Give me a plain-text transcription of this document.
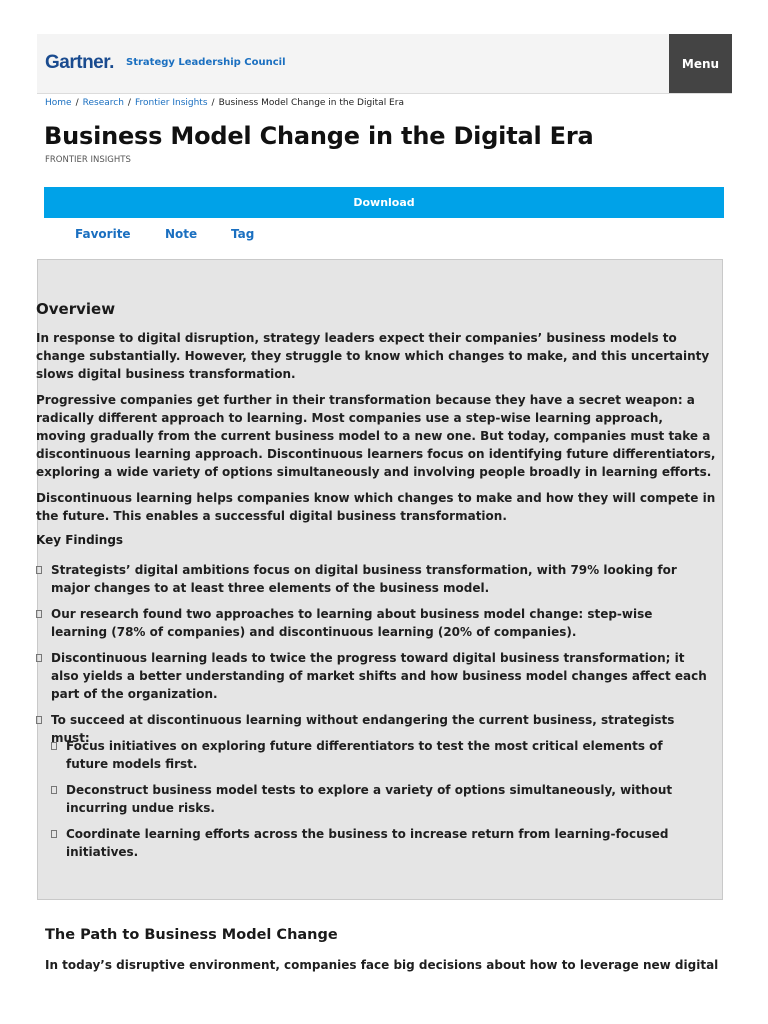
Gartner. Strategy Leadership Council	Menu
Home / Research / Frontier Insights / Business Model Change in the Digital Era
Business Model Change in the Digital Era
FRONTIER INSIGHTS
Download
Favorite	Note	Tag
Overview

In response to digital disruption, strategy leaders expect their companies’ business models to change substantially. However, they struggle to know which changes to make, and this uncertainty slows digital business transformation.

Progressive companies get further in their transformation because they have a secret weapon: a radically different approach to learning. Most companies use a step-wise learning approach, moving gradually from the current business model to a new one. But today, companies must take a discontinuous learning approach. Discontinuous learners focus on identifying future differentiators, exploring a wide variety of options simultaneously and involving people broadly in learning efforts.

Discontinuous learning helps companies know which changes to make and how they will compete in the future. This enables a successful digital business transformation.

Key Findings
Strategists’ digital ambitions focus on digital business transformation, with 79% looking for major changes to at least three elements of the business model.
Our research found two approaches to learning about business model change: step-wise learning (78% of companies) and discontinuous learning (20% of companies).
Discontinuous learning leads to twice the progress toward digital business transformation; it also yields a better understanding of market shifts and how business model changes affect each part of the organization.
To succeed at discontinuous learning without endangering the current business, strategists must:
Focus initiatives on exploring future differentiators to test the most critical elements of future models first.
Deconstruct business model tests to explore a variety of options simultaneously, without incurring undue risks.
Coordinate learning efforts across the business to increase return from learning-focused initiatives.
The Path to Business Model Change

In today’s disruptive environment, companies face big decisions about how to leverage new digital
